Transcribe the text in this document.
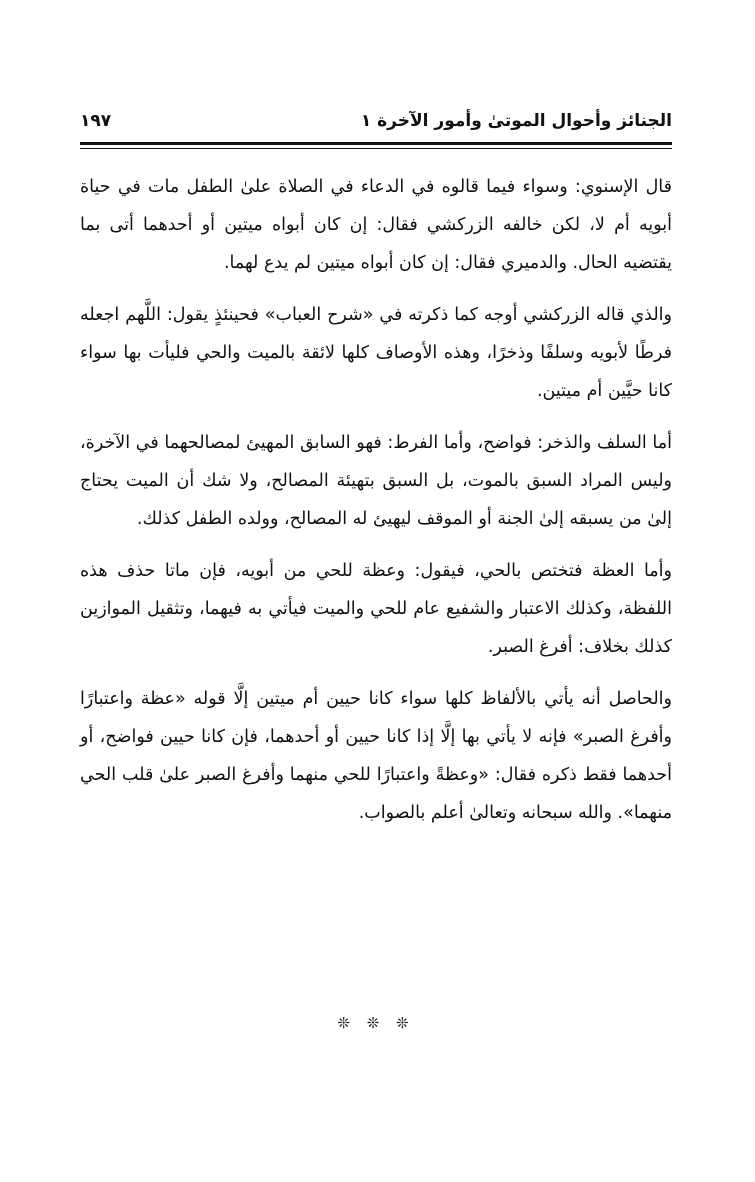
الجنائز وأحوال الموتىٰ وأمور الآخرة ١
١٩٧

قال الإسنوي: وسواء فيما قالوه في الدعاء في الصلاة علىٰ الطفل مات في حياة أبويه أم لا، لكن خالفه الزركشي فقال: إن كان أبواه ميتين أو أحدهما أتى بما يقتضيه الحال. والدميري فقال: إن كان أبواه ميتين لم يدع لهما.

والذي قاله الزركشي أوجه كما ذكرته في «شرح العباب» فحينئذٍ يقول: اللَّهم اجعله فرطًا لأبويه وسلفًا وذخرًا، وهذه الأوصاف كلها لائقة بالميت والحي فليأت بها سواء كانا حيَّين أم ميتين.

أما السلف والذخر: فواضح، وأما الفرط: فهو السابق المهيئ لمصالحهما في الآخرة، وليس المراد السبق بالموت، بل السبق بتهيئة المصالح، ولا شك أن الميت يحتاج إلىٰ من يسبقه إلىٰ الجنة أو الموقف ليهيئ له المصالح، وولده الطفل كذلك.

وأما العظة فتختص بالحي، فيقول: وعظة للحي من أبويه، فإن ماتا حذف هذه اللفظة، وكذلك الاعتبار والشفيع عام للحي والميت فيأتي به فيهما، وتثقيل الموازين كذلك بخلاف: أفرغ الصبر.

والحاصل أنه يأتي بالألفاظ كلها سواء كانا حيين أم ميتين إلَّا قوله «عظة واعتبارًا وأفرغ الصبر» فإنه لا يأتي بها إلَّا إذا كانا حيين أو أحدهما، فإن كانا حيين فواضح، أو أحدهما فقط ذكره فقال: «وعظةً واعتبارًا للحي منهما وأفرغ الصبر علىٰ قلب الحي منهما». والله سبحانه وتعالىٰ أعلم بالصواب.

❊ ❊ ❊
